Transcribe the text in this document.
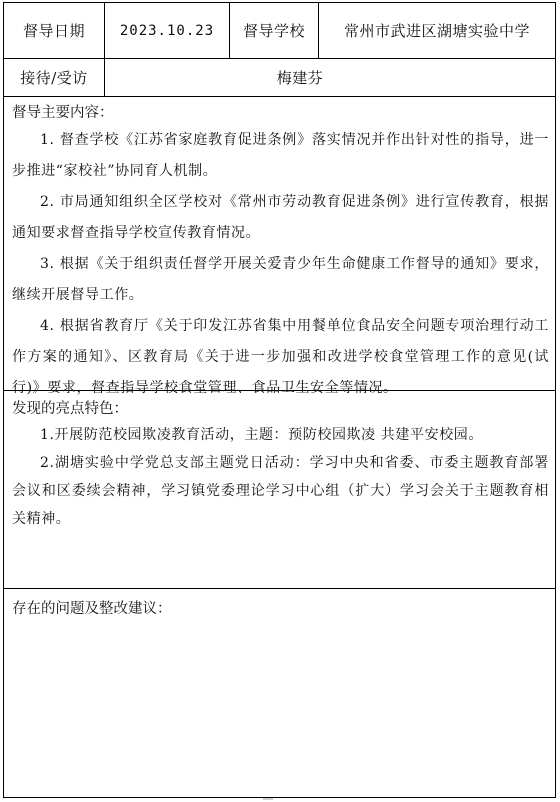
督导日期	2023.10.23	督导学校	常州市武进区湖塘实验中学
接待/受访	梅建芬

督导主要内容：

1. 督查学校《江苏省家庭教育促进条例》落实情况并作出针对性的指导，进一步推进“家校社”协同育人机制。

2. 市局通知组织全区学校对《常州市劳动教育促进条例》进行宣传教育，根据通知要求督查指导学校宣传教育情况。

3. 根据《关于组织责任督学开展关爱青少年生命健康工作督导的通知》要求，继续开展督导工作。

4. 根据省教育厅《关于印发江苏省集中用餐单位食品安全问题专项治理行动工作方案的通知》、区教育局《关于进一步加强和改进学校食堂管理工作的意见(试行)》要求，督查指导学校食堂管理、食品卫生安全等情况。

发现的亮点特色：

1.开展防范校园欺凌教育活动，主题：预防校园欺凌 共建平安校园。

2.湖塘实验中学党总支部主题党日活动：学习中央和省委、市委主题教育部署会议和区委续会精神，学习镇党委理论学习中心组（扩大）学习会关于主题教育相关精神。

存在的问题及整改建议：
